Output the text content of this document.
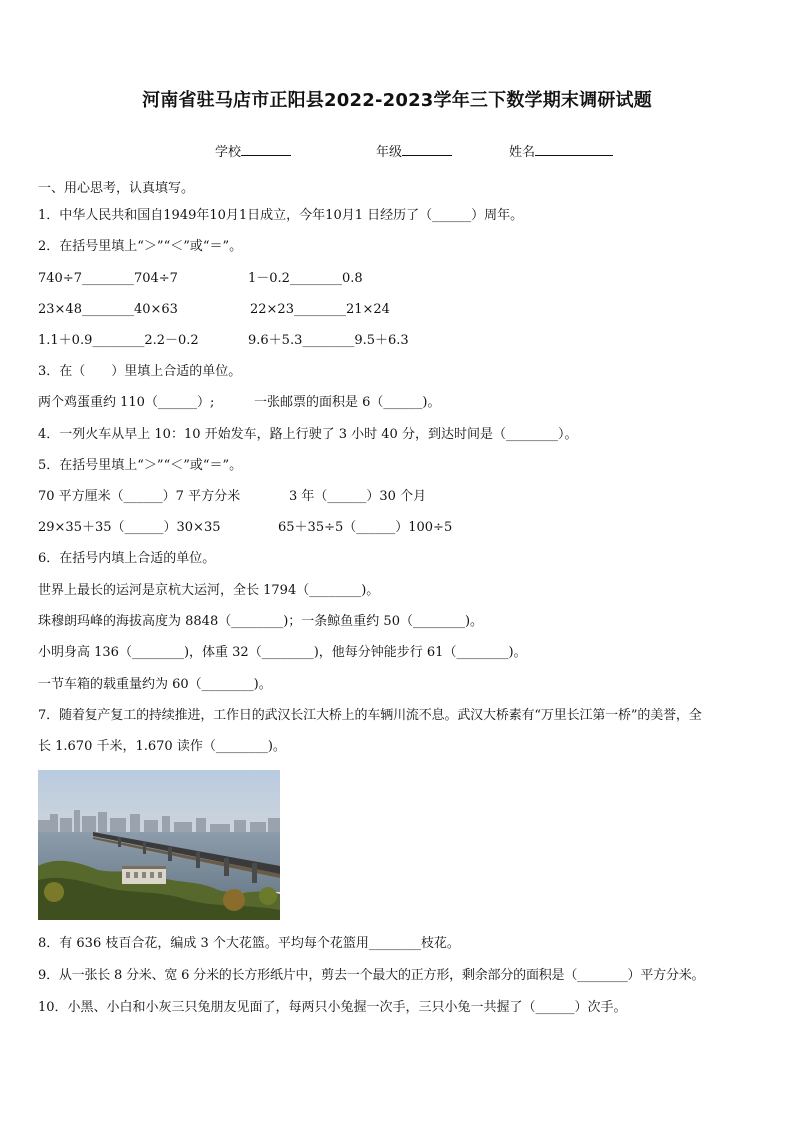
河南省驻马店市正阳县2022-2023学年三下数学期末调研试题
学校	年级	姓名
一、用心思考，认真填写。
1．中华人民共和国自1949年10月1日成立，今年10月1 日经历了（______）周年。
2．在括号里填上“＞”“＜”或“＝”。
740÷7________704÷7	1－0.2________0.8
23×48________40×63	22×23________21×24
1.1＋0.9________2.2－0.2	9.6＋5.3________9.5＋6.3
3．在（　　）里填上合适的单位。
两个鸡蛋重约 110（______）;	一张邮票的面积是 6（______)。
4．一列火车从早上 10：10 开始发车，路上行驶了 3 小时 40 分，到达时间是（________）。
5．在括号里填上“＞”“＜”或“＝”。
70 平方厘米（______）7 平方分米	3 年（______）30 个月
29×35＋35（______）30×35	65＋35÷5（______）100÷5
6．在括号内填上合适的单位。
世界上最长的运河是京杭大运河，全长 1794（________)。
珠穆朗玛峰的海拔高度为 8848（________)；一条鲸鱼重约 50（________)。
小明身高 136（________)，体重 32（________)，他每分钟能步行 61（________)。
一节车箱的载重量约为 60（________)。
7．随着复产复工的持续推进，工作日的武汉长江大桥上的车辆川流不息。武汉大桥素有“万里长江第一桥”的美誉，全
长 1.670 千米，1.670 读作（________)。
8．有 636 枝百合花，编成 3 个大花篮。平均每个花篮用________枝花。
9．从一张长 8 分米、宽 6 分米的长方形纸片中，剪去一个最大的正方形，剩余部分的面积是（________）平方分米。
10．小黑、小白和小灰三只兔朋友见面了，每两只小兔握一次手，三只小兔一共握了（______）次手。
